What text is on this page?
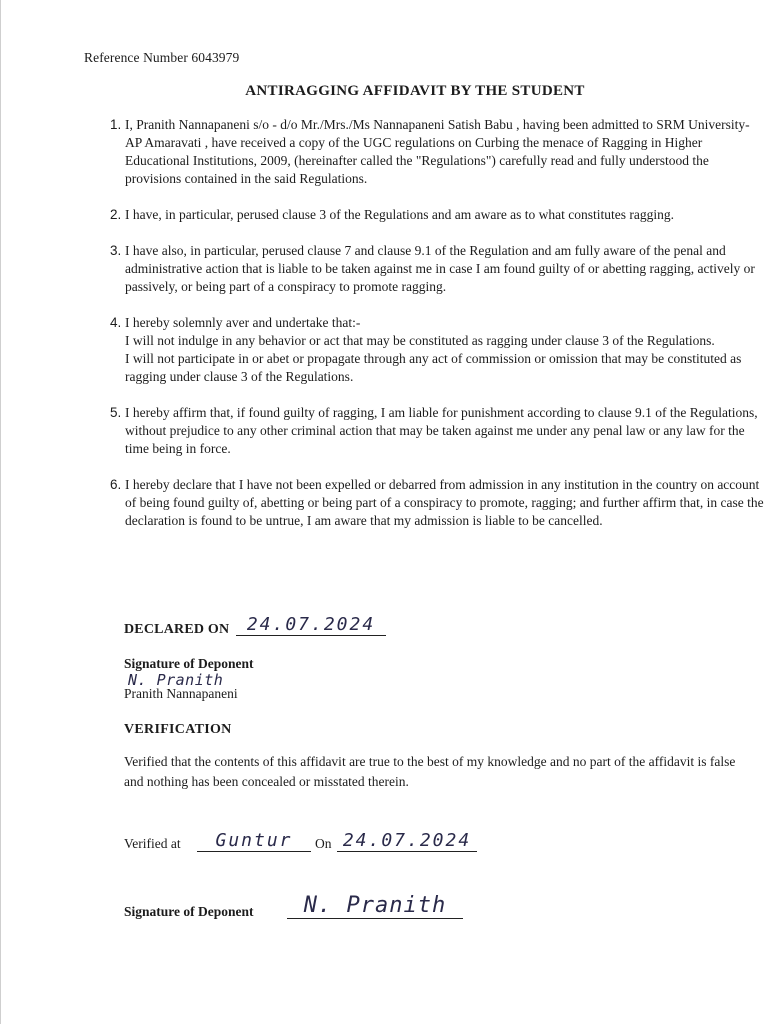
Reference Number 6043979
ANTIRAGGING AFFIDAVIT BY THE STUDENT
1. I, Pranith Nannapaneni s/o - d/o Mr./Mrs./Ms Nannapaneni Satish Babu , having been admitted to SRM University-AP Amaravati , have received a copy of the UGC regulations on Curbing the menace of Ragging in Higher Educational Institutions, 2009, (hereinafter called the "Regulations") carefully read and fully understood the provisions contained in the said Regulations.
2. I have, in particular, perused clause 3 of the Regulations and am aware as to what constitutes ragging.
3. I have also, in particular, perused clause 7 and clause 9.1 of the Regulation and am fully aware of the penal and administrative action that is liable to be taken against me in case I am found guilty of or abetting ragging, actively or passively, or being part of a conspiracy to promote ragging.
4. I hereby solemnly aver and undertake that:-
I will not indulge in any behavior or act that may be constituted as ragging under clause 3 of the Regulations.
I will not participate in or abet or propagate through any act of commission or omission that may be constituted as ragging under clause 3 of the Regulations.
5. I hereby affirm that, if found guilty of ragging, I am liable for punishment according to clause 9.1 of the Regulations, without prejudice to any other criminal action that may be taken against me under any penal law or any law for the time being in force.
6. I hereby declare that I have not been expelled or debarred from admission in any institution in the country on account of being found guilty of, abetting or being part of a conspiracy to promote, ragging; and further affirm that, in case the declaration is found to be untrue, I am aware that my admission is liable to be cancelled.
DECLARED ON 24.07.2024
Signature of Deponent
N. Pranith
Pranith Nannapaneni
VERIFICATION
Verified that the contents of this affidavit are true to the best of my knowledge and no part of the affidavit is false and nothing has been concealed or misstated therein.
Verified at	Guntur	On 24.07.2024
Signature of Deponent	N. Pranith
